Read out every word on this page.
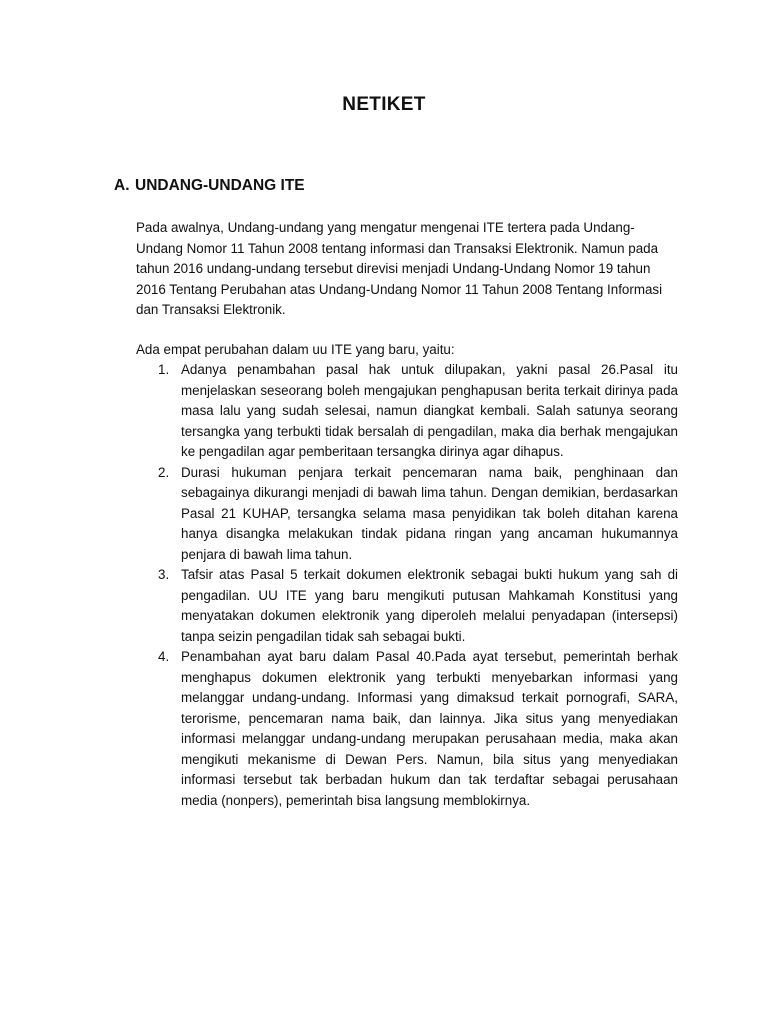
NETIKET
A. UNDANG-UNDANG ITE
Pada awalnya, Undang-undang yang mengatur mengenai ITE tertera pada Undang-Undang Nomor 11 Tahun 2008 tentang informasi dan Transaksi Elektronik. Namun pada tahun 2016 undang-undang tersebut direvisi menjadi Undang-Undang Nomor 19 tahun 2016 Tentang Perubahan atas Undang-Undang Nomor 11 Tahun 2008 Tentang Informasi dan Transaksi Elektronik.
Ada empat perubahan dalam uu ITE yang baru, yaitu:
1. Adanya penambahan pasal hak untuk dilupakan, yakni pasal 26.Pasal itu menjelaskan seseorang boleh mengajukan penghapusan berita terkait dirinya pada masa lalu yang sudah selesai, namun diangkat kembali. Salah satunya seorang tersangka yang terbukti tidak bersalah di pengadilan, maka dia berhak mengajukan ke pengadilan agar pemberitaan tersangka dirinya agar dihapus.
2. Durasi hukuman penjara terkait pencemaran nama baik, penghinaan dan sebagainya dikurangi menjadi di bawah lima tahun. Dengan demikian, berdasarkan Pasal 21 KUHAP, tersangka selama masa penyidikan tak boleh ditahan karena hanya disangka melakukan tindak pidana ringan yang ancaman hukumannya penjara di bawah lima tahun.
3. Tafsir atas Pasal 5 terkait dokumen elektronik sebagai bukti hukum yang sah di pengadilan. UU ITE yang baru mengikuti putusan Mahkamah Konstitusi yang menyatakan dokumen elektronik yang diperoleh melalui penyadapan (intersepsi) tanpa seizin pengadilan tidak sah sebagai bukti.
4. Penambahan ayat baru dalam Pasal 40.Pada ayat tersebut, pemerintah berhak menghapus dokumen elektronik yang terbukti menyebarkan informasi yang melanggar undang-undang. Informasi yang dimaksud terkait pornografi, SARA, terorisme, pencemaran nama baik, dan lainnya. Jika situs yang menyediakan informasi melanggar undang-undang merupakan perusahaan media, maka akan mengikuti mekanisme di Dewan Pers. Namun, bila situs yang menyediakan informasi tersebut tak berbadan hukum dan tak terdaftar sebagai perusahaan media (nonpers), pemerintah bisa langsung memblokirnya.
